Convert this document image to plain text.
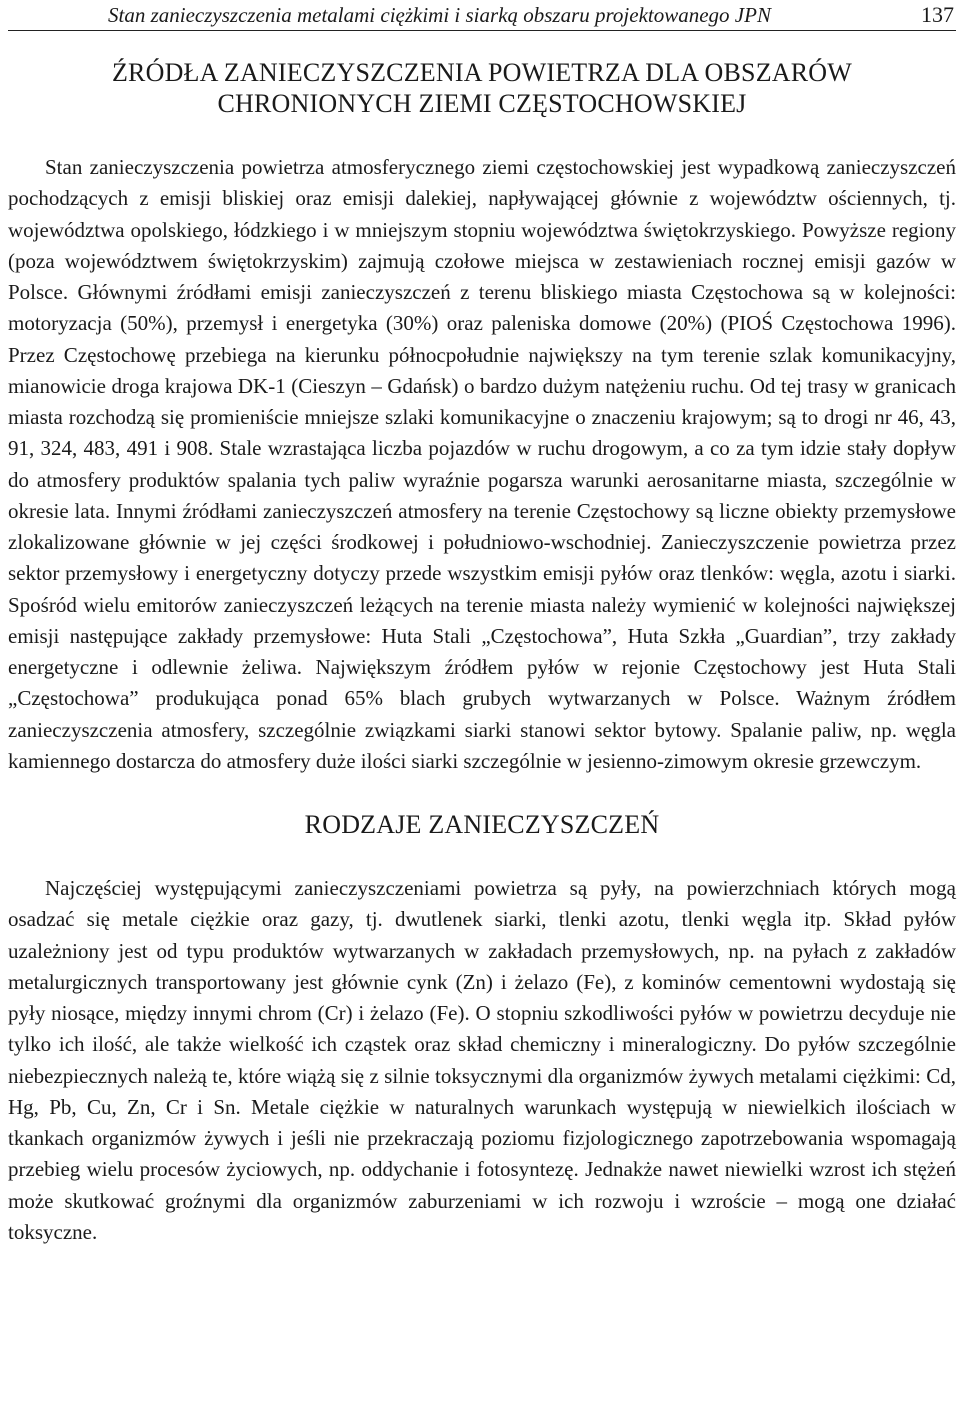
Stan zanieczyszczenia metalami ciężkimi i siarką obszaru projektowanego JPN	137
ŹRÓDŁA ZANIECZYSZCZENIA POWIETRZA DLA OBSZARÓW
CHRONIONYCH ZIEMI CZĘSTOCHOWSKIEJ

Stan zanieczyszczenia powietrza atmosferycznego ziemi częstochowskiej jest wypadkową zanieczyszczeń pochodzących z emisji bliskiej oraz emisji dalekiej, napływającej głównie z województw ościennych, tj. województwa opolskiego, łódzkiego i w mniejszym stopniu województwa świętokrzyskiego. Powyższe regiony (poza województwem świętokrzyskim) zajmują czołowe miejsca w zestawieniach rocznej emisji gazów w Polsce. Głównymi źródłami emisji zanieczyszczeń z terenu bliskiego miasta Częstochowa są w kolejności: motoryzacja (50%), przemysł i energetyka (30%) oraz paleniska domowe (20%) (PIOŚ Częstochowa 1996). Przez Częstochowę przebiega na kierunku północpołudnie największy na tym terenie szlak komunikacyjny, mianowicie droga krajowa DK-1 (Cieszyn – Gdańsk) o bardzo dużym natężeniu ruchu. Od tej trasy w granicach miasta rozchodzą się promieniście mniejsze szlaki komunikacyjne o znaczeniu krajowym; są to drogi nr 46, 43, 91, 324, 483, 491 i 908. Stale wzrastająca liczba pojazdów w ruchu drogowym, a co za tym idzie stały dopływ do atmosfery produktów spalania tych paliw wyraźnie pogarsza warunki aerosanitarne miasta, szczególnie w okresie lata. Innymi źródłami zanieczyszczeń atmosfery na terenie Częstochowy są liczne obiekty przemysłowe zlokalizowane głównie w jej części środkowej i południowo-wschodniej. Zanieczyszczenie powietrza przez sektor przemysłowy i energetyczny dotyczy przede wszystkim emisji pyłów oraz tlenków: węgla, azotu i siarki. Spośród wielu emitorów zanieczyszczeń leżących na terenie miasta należy wymienić w kolejności największej emisji następujące zakłady przemysłowe: Huta Stali „Częstochowa”, Huta Szkła „Guardian”, trzy zakłady energetyczne i odlewnie żeliwa. Największym źródłem pyłów w rejonie Częstochowy jest Huta Stali „Częstochowa” produkująca ponad 65% blach grubych wytwarzanych w Polsce. Ważnym źródłem zanieczyszczenia atmosfery, szczególnie związkami siarki stanowi sektor bytowy. Spalanie paliw, np. węgla kamiennego dostarcza do atmosfery duże ilości siarki szczególnie w jesienno-zimowym okresie grzewczym.

RODZAJE ZANIECZYSZCZEŃ

Najczęściej występującymi zanieczyszczeniami powietrza są pyły, na powierzchniach których mogą osadzać się metale ciężkie oraz gazy, tj. dwutlenek siarki, tlenki azotu, tlenki węgla itp. Skład pyłów uzależniony jest od typu produktów wytwarzanych w zakładach przemysłowych, np. na pyłach z zakładów metalurgicznych transportowany jest głównie cynk (Zn) i żelazo (Fe), z kominów cementowni wydostają się pyły niosące, między innymi chrom (Cr) i żelazo (Fe). O stopniu szkodliwości pyłów w powietrzu decyduje nie tylko ich ilość, ale także wielkość ich cząstek oraz skład chemiczny i mineralogiczny. Do pyłów szczególnie niebezpiecznych należą te, które wiążą się z silnie toksycznymi dla organizmów żywych metalami ciężkimi: Cd, Hg, Pb, Cu, Zn, Cr i Sn. Metale ciężkie w naturalnych warunkach występują w niewielkich ilościach w tkankach organizmów żywych i jeśli nie przekraczają poziomu fizjologicznego zapotrzebowania wspomagają przebieg wielu procesów życiowych, np. oddychanie i fotosyntezę. Jednakże nawet niewielki wzrost ich stężeń może skutkować groźnymi dla organizmów zaburzeniami w ich rozwoju i wzroście – mogą one działać toksyczne.
